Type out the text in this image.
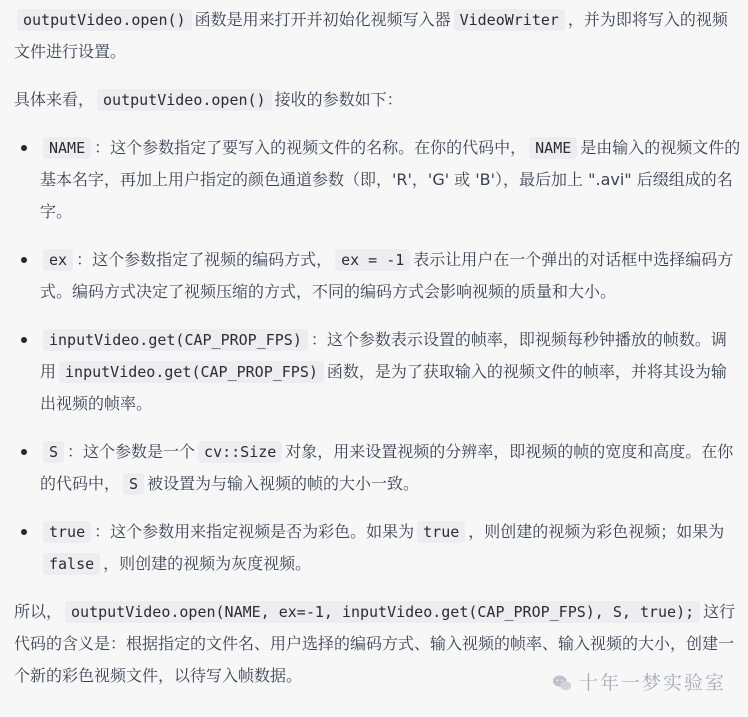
outputVideo.open() 函数是用来打开并初始化视频写入器 VideoWriter ，并为即将写入的视频文件进行设置。

具体来看， outputVideo.open() 接收的参数如下：

NAME ：这个参数指定了要写入的视频文件的名称。在你的代码中， NAME 是由输入的视频文件的基本名字，再加上用户指定的颜色通道参数（即，'R'，'G' 或 'B'），最后加上 ".avi" 后缀组成的名字。
ex ：这个参数指定了视频的编码方式， ex = -1 表示让用户在一个弹出的对话框中选择编码方式。编码方式决定了视频压缩的方式，不同的编码方式会影响视频的质量和大小。
inputVideo.get(CAP_PROP_FPS) ：这个参数表示设置的帧率，即视频每秒钟播放的帧数。调用 inputVideo.get(CAP_PROP_FPS) 函数，是为了获取输入的视频文件的帧率，并将其设为输出视频的帧率。
S ：这个参数是一个 cv::Size 对象，用来设置视频的分辨率，即视频的帧的宽度和高度。在你的代码中， S 被设置为与输入视频的帧的大小一致。
true ：这个参数用来指定视频是否为彩色。如果为 true ，则创建的视频为彩色视频；如果为false ，则创建的视频为灰度视频。

所以， outputVideo.open(NAME, ex=-1, inputVideo.get(CAP_PROP_FPS), S, true); 这行代码的含义是：根据指定的文件名、用户选择的编码方式、输入视频的帧率、输入视频的大小，创建一个新的彩色视频文件，以待写入帧数据。	十年一梦实验室
